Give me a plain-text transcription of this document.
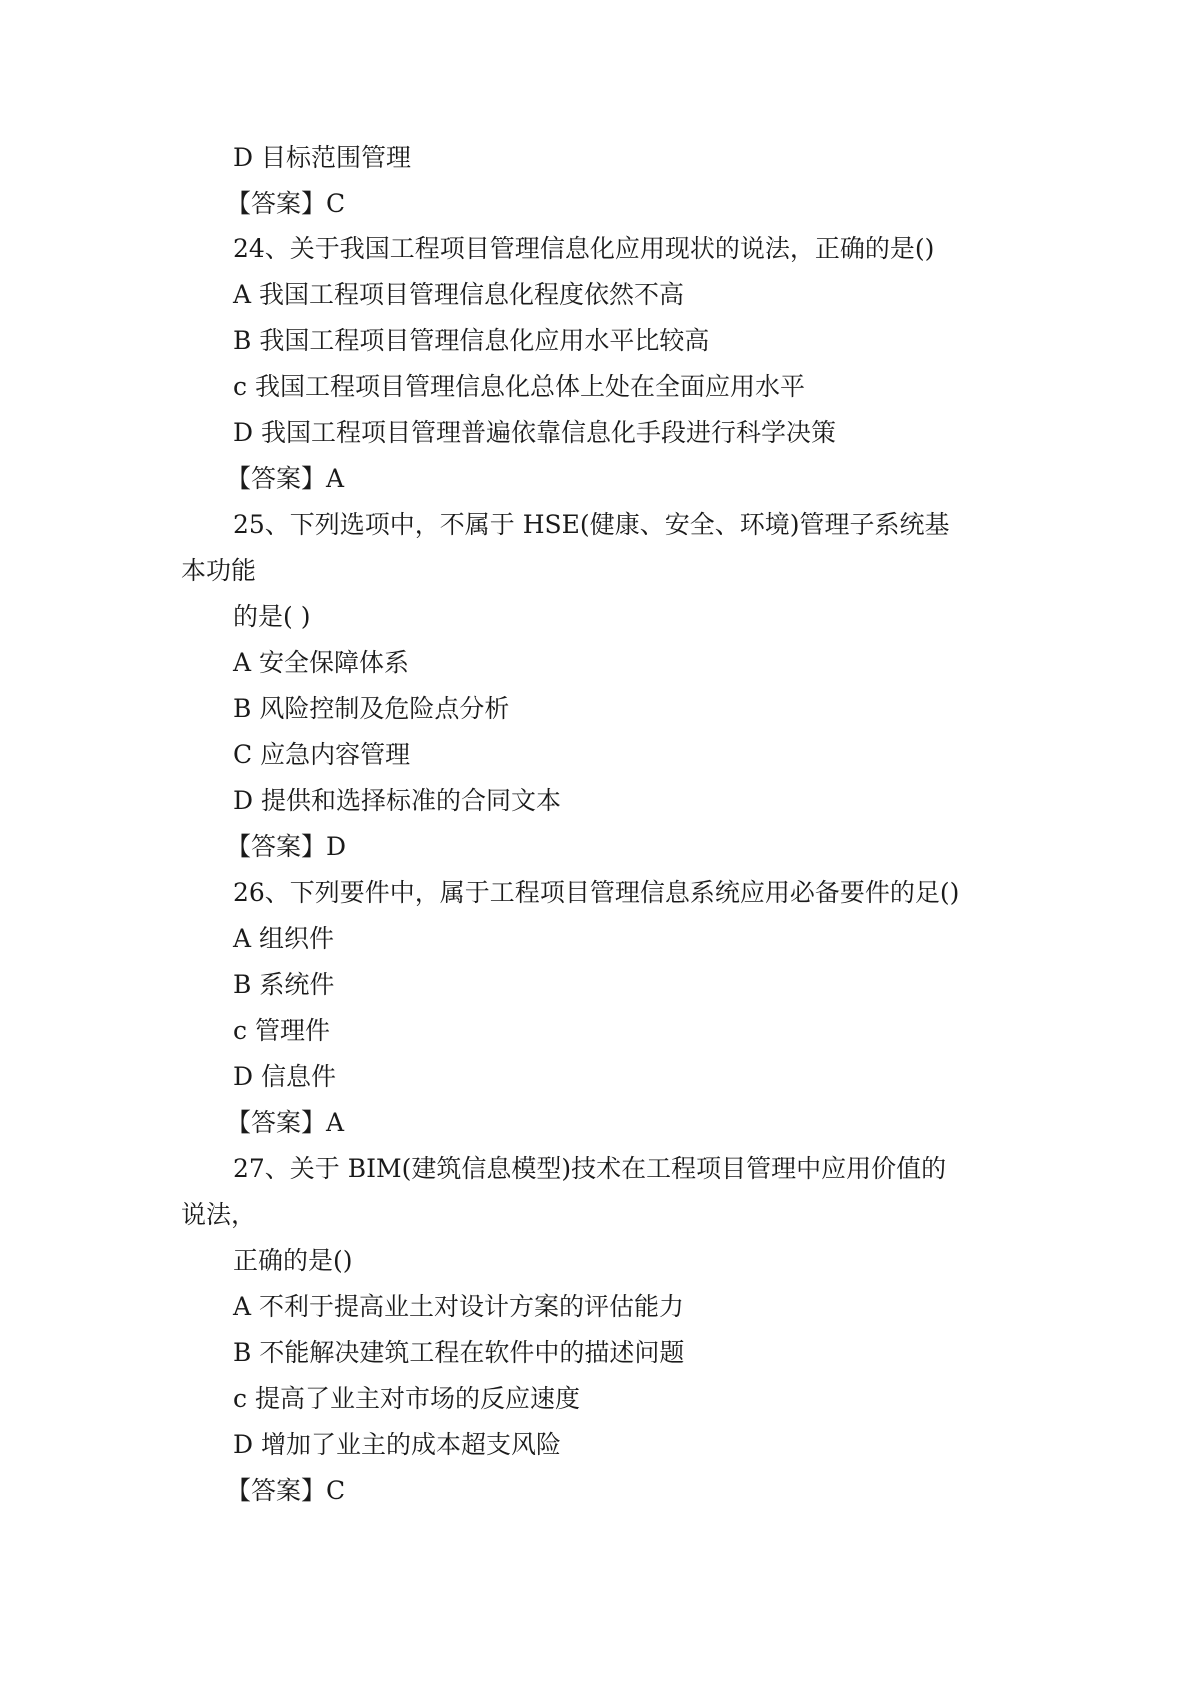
D 目标范围管理
【答案】C
24、关于我国工程项目管理信息化应用现状的说法，正确的是()
A 我国工程项目管理信息化程度依然不高
B 我国工程项目管理信息化应用水平比较高
c 我国工程项目管理信息化总体上处在全面应用水平
D 我国工程项目管理普遍依靠信息化手段进行科学决策
【答案】A
25、下列选项中，不属于 HSE(健康、安全、环境)管理子系统基
本功能
的是( )
A 安全保障体系
B 风险控制及危险点分析
C 应急内容管理
D 提供和选择标准的合同文本
【答案】D
26、下列要件中，属于工程项目管理信息系统应用必备要件的足()
A 组织件
B 系统件
c 管理件
D 信息件
【答案】A
27、关于 BIM(建筑信息模型)技术在工程项目管理中应用价值的
说法，
正确的是()
A 不利于提高业土对设计方案的评估能力
B 不能解决建筑工程在软件中的描述问题
c 提高了业主对市场的反应速度
D 增加了业主的成本超支风险
【答案】C
